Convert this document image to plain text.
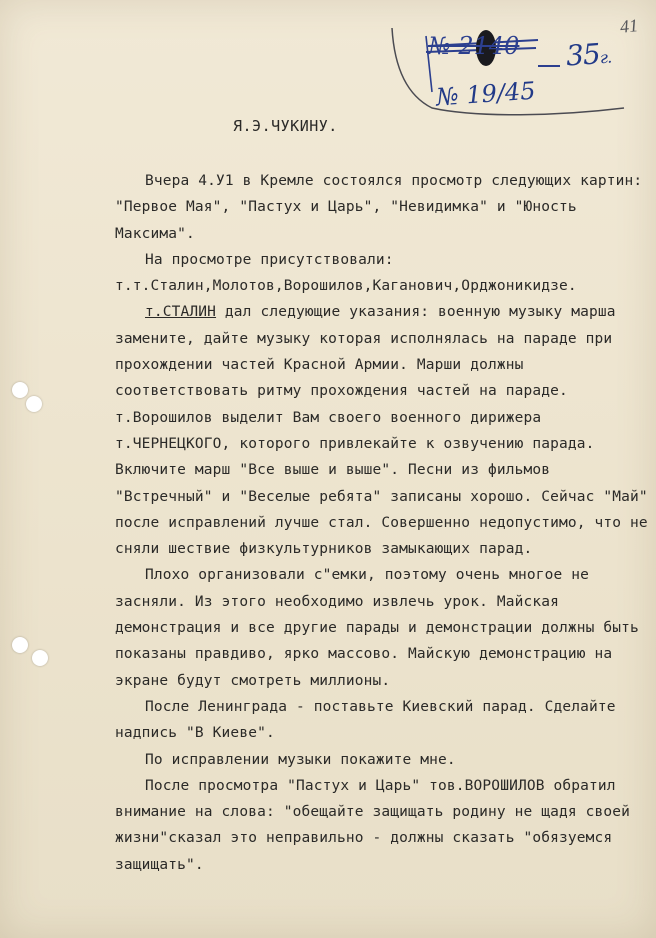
41
№ 2140
№ 19/45
35г.
Я.Э.ЧУКИНУ.

Вчера 4.У1 в Кремле состоялся просмотр следующих картин: "Первое Мая", "Пастух и Царь", "Невидимка" и "Юность Максима".

На просмотре присутствовали: т.т.Сталин,Молотов,Ворошилов,Каганович,Орджоникидзе.

т.СТАЛИН дал следующие указания: военную музыку марша замените, дайте музыку которая исполнялась на параде при прохождении частей Красной Армии. Марши должны соответствовать ритму прохождения частей на параде. т.Ворошилов выделит Вам своего военного дирижера т.ЧЕРНЕЦКОГО, которого привлекайте к озвучению парада. Включите марш "Все выше и выше". Песни из фильмов "Встречный" и "Веселые ребята" записаны хорошо. Сейчас "Май" после исправлений лучше стал. Совершенно недопустимо, что не сняли шествие физкультурников замыкающих парад.

Плохо организовали с"емки, поэтому очень многое не засняли. Из этого необходимо извлечь урок. Майская демонстрация и все другие парады и демонстрации должны быть показаны правдиво, ярко массово. Майскую демонстрацию на экране будут смотреть миллионы.

После Ленинграда - поставьте Киевский парад. Сделайте надпись "В Киеве".

По исправлении музыки покажите мне.

После просмотра "Пастух и Царь" тов.ВОРОШИЛОВ обратил внимание на слова: "обещайте защищать родину не щадя своей жизни"сказал это неправильно - должны сказать "обязуемся защищать".
